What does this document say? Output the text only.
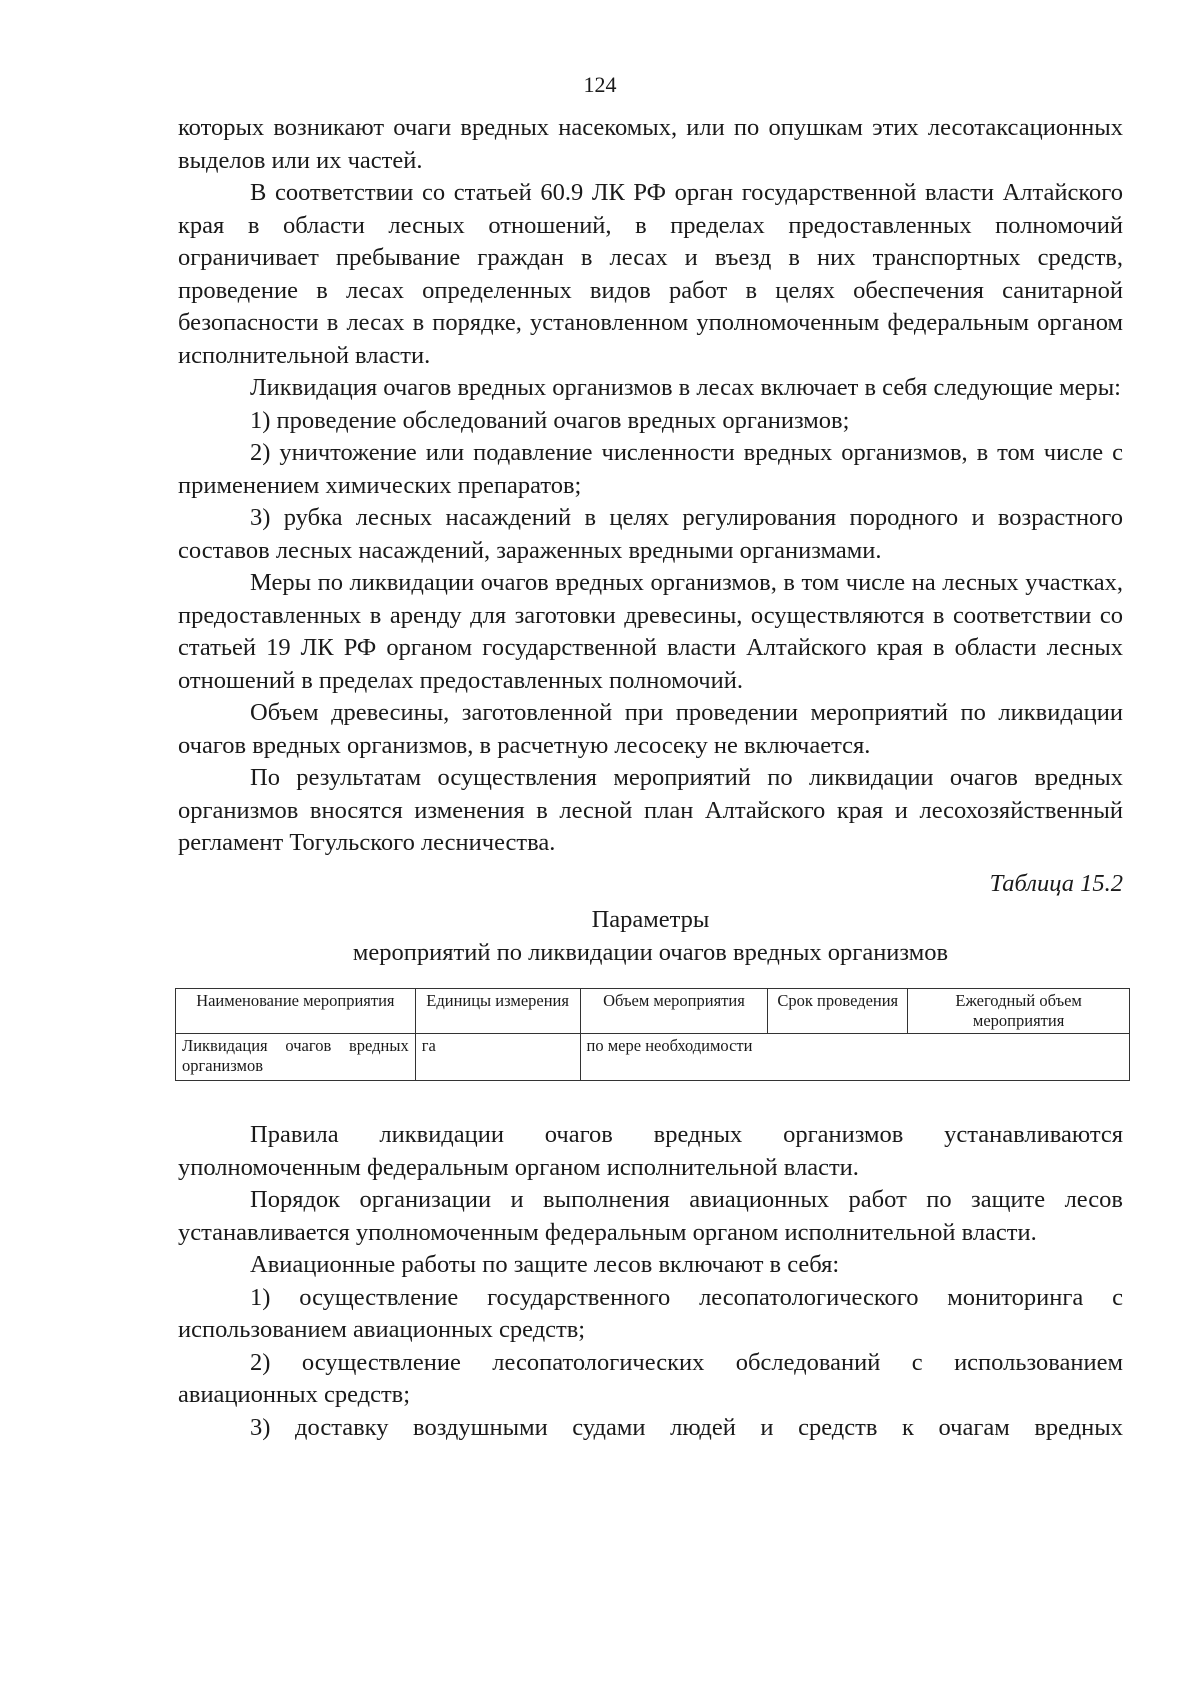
124

которых возникают очаги вредных насекомых, или по опушкам этих лесотаксационных выделов или их частей.

В соответствии со статьей 60.9 ЛК РФ орган государственной власти Алтайского края в области лесных отношений, в пределах предоставленных полномочий ограничивает пребывание граждан в лесах и въезд в них транспортных средств, проведение в лесах определенных видов работ в целях обеспечения санитарной безопасности в лесах в порядке, установленном уполномоченным федеральным органом исполнительной власти.

Ликвидация очагов вредных организмов в лесах включает в себя следующие меры:

1) проведение обследований очагов вредных организмов;

2) уничтожение или подавление численности вредных организмов, в том числе с применением химических препаратов;

3) рубка лесных насаждений в целях регулирования породного и возрастного составов лесных насаждений, зараженных вредными организмами.

Меры по ликвидации очагов вредных организмов, в том числе на лесных участках, предоставленных в аренду для заготовки древесины, осуществляются в соответствии со статьей 19 ЛК РФ органом государственной власти Алтайского края в области лесных отношений в пределах предоставленных полномочий.

Объем древесины, заготовленной при проведении мероприятий по ликвидации очагов вредных организмов, в расчетную лесосеку не включается.

По результатам осуществления мероприятий по ликвидации очагов вредных организмов вносятся изменения в лесной план Алтайского края и лесохозяйственный регламент Тогульского лесничества.

Таблица 15.2

Параметры

мероприятий по ликвидации очагов вредных организмов

Наименование мероприятия	Единицы измерения	Объем мероприятия	Срок проведения	Ежегодный объем мероприятия
Ликвидация очагов вредных организмов	га	по мере необходимости		

Правила ликвидации очагов вредных организмов устанавливаются уполномоченным федеральным органом исполнительной власти.

Порядок организации и выполнения авиационных работ по защите лесов устанавливается уполномоченным федеральным органом исполнительной власти.

Авиационные работы по защите лесов включают в себя:

1) осуществление государственного лесопатологического мониторинга с использованием авиационных средств;

2) осуществление лесопатологических обследований с использованием авиационных средств;

3) доставку воздушными судами людей и средств к очагам вредных
